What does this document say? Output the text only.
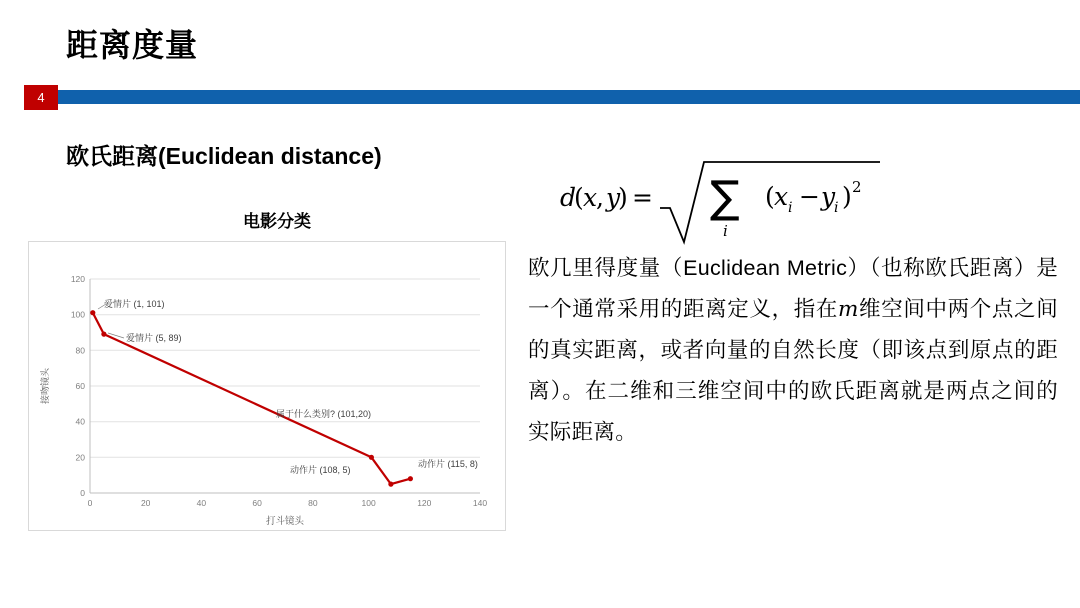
距离度量
4
欧氏距离(Euclidean distance)
电影分类
0
20
40
60
80
100
120
0	20	40	60	80	100	120	140
打斗镜头
接吻镜头
爱情片 (1, 101)
爱情片 (5, 89)
属于什么类别? (101,20)
动作片 (108, 5)
动作片 (115, 8)
d
( x
, y
) = ∑
i
( x i − y
i ) 2
欧几里得度量（Euclidean Metric）（也称欧氏距离）是一个通常采用的距离定义，指在m维空间中两个点之间的真实距离，或者向量的自然长度（即该点到原点的距离）。在二维和三维空间中的欧氏距离就是两点之间的实际距离。
